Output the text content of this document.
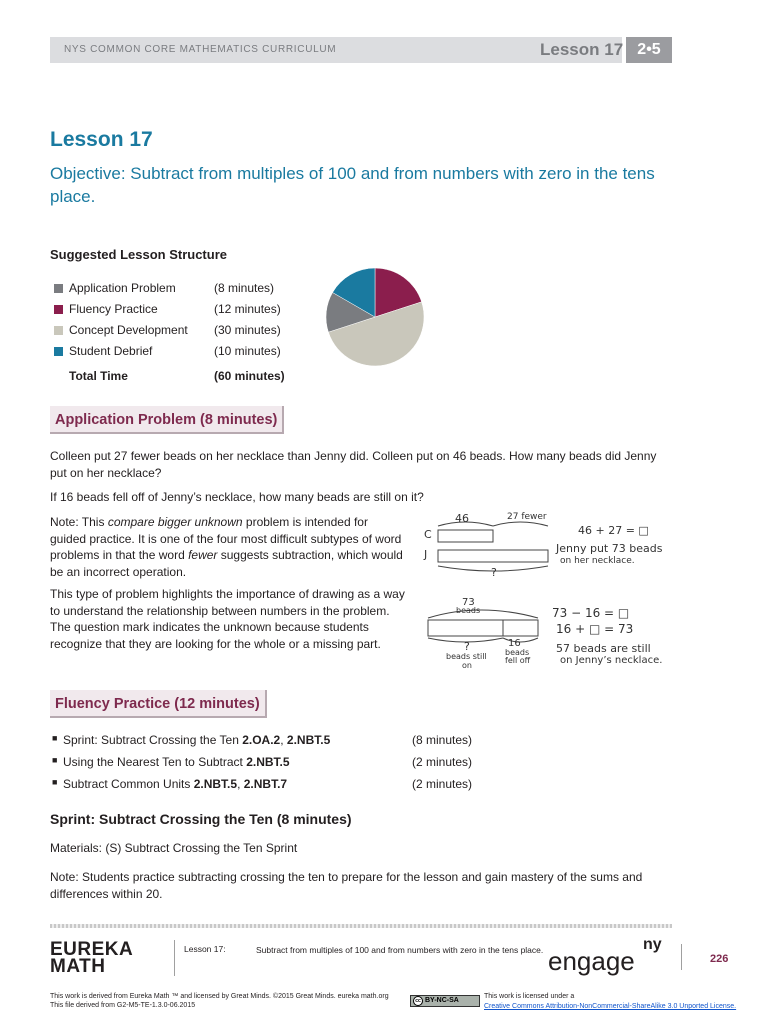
NYS COMMON CORE MATHEMATICS CURRICULUM	Lesson 17 2•5
Lesson 17
Objective: Subtract from multiples of 100 and from numbers with zero in the tens place.
Suggested Lesson Structure
Application Problem	(8 minutes)
Fluency Practice	(12 minutes)
Concept Development (30 minutes)
Student Debrief	(10 minutes)
Total Time	(60 minutes)
Application Problem (8 minutes)
Colleen put 27 fewer beads on her necklace than Jenny did. Colleen put on 46 beads. How many beads did Jenny put on her necklace?
If 16 beads fell off of Jenny’s necklace, how many beads are still on it?
Note: This compare bigger unknown problem is intended for guided practice. It is one of the four most difficult subtypes of word problems in that the word fewer suggests subtraction, which would be an incorrect operation.
This type of problem highlights the importance of drawing as a way to understand the relationship between numbers in the problem. The question mark indicates the unknown because students recognize that they are looking for the whole or a missing part.
46	27 fewer
C
J
?
46 + 27 = □
Jenny put 73 beads
on her necklace.
73
beads
?
beads still
on
16
beads
fell off
73 − 16 = □
16 + □ = 73
57 beads are still
on Jenny’s necklace.
Fluency Practice (12 minutes)
■ Sprint: Subtract Crossing the Ten 2.OA.2, 2.NBT.5	(8 minutes)
■ Using the Nearest Ten to Subtract 2.NBT.5	(2 minutes)
■ Subtract Common Units 2.NBT.5, 2.NBT.7	(2 minutes)
Sprint: Subtract Crossing the Ten (8 minutes)
Materials: (S) Subtract Crossing the Ten Sprint
Note: Students practice subtracting crossing the ten to prepare for the lesson and gain mastery of the sums and differences within 20.
EUREKA
MATH
Lesson 17:	Subtract from multiples of 100 and from numbers with zero in the tens place. engage
ny
226
This work is derived from Eureka Math ™ and licensed by Great Minds. ©2015 Great Minds. eureka math.org
This file derived from G2-M5-TE-1.3.0-06.2015
cc BY-NC-SA
This work is licensed under a
Creative Commons Attribution-NonCommercial-ShareAlike 3.0 Unported License.
